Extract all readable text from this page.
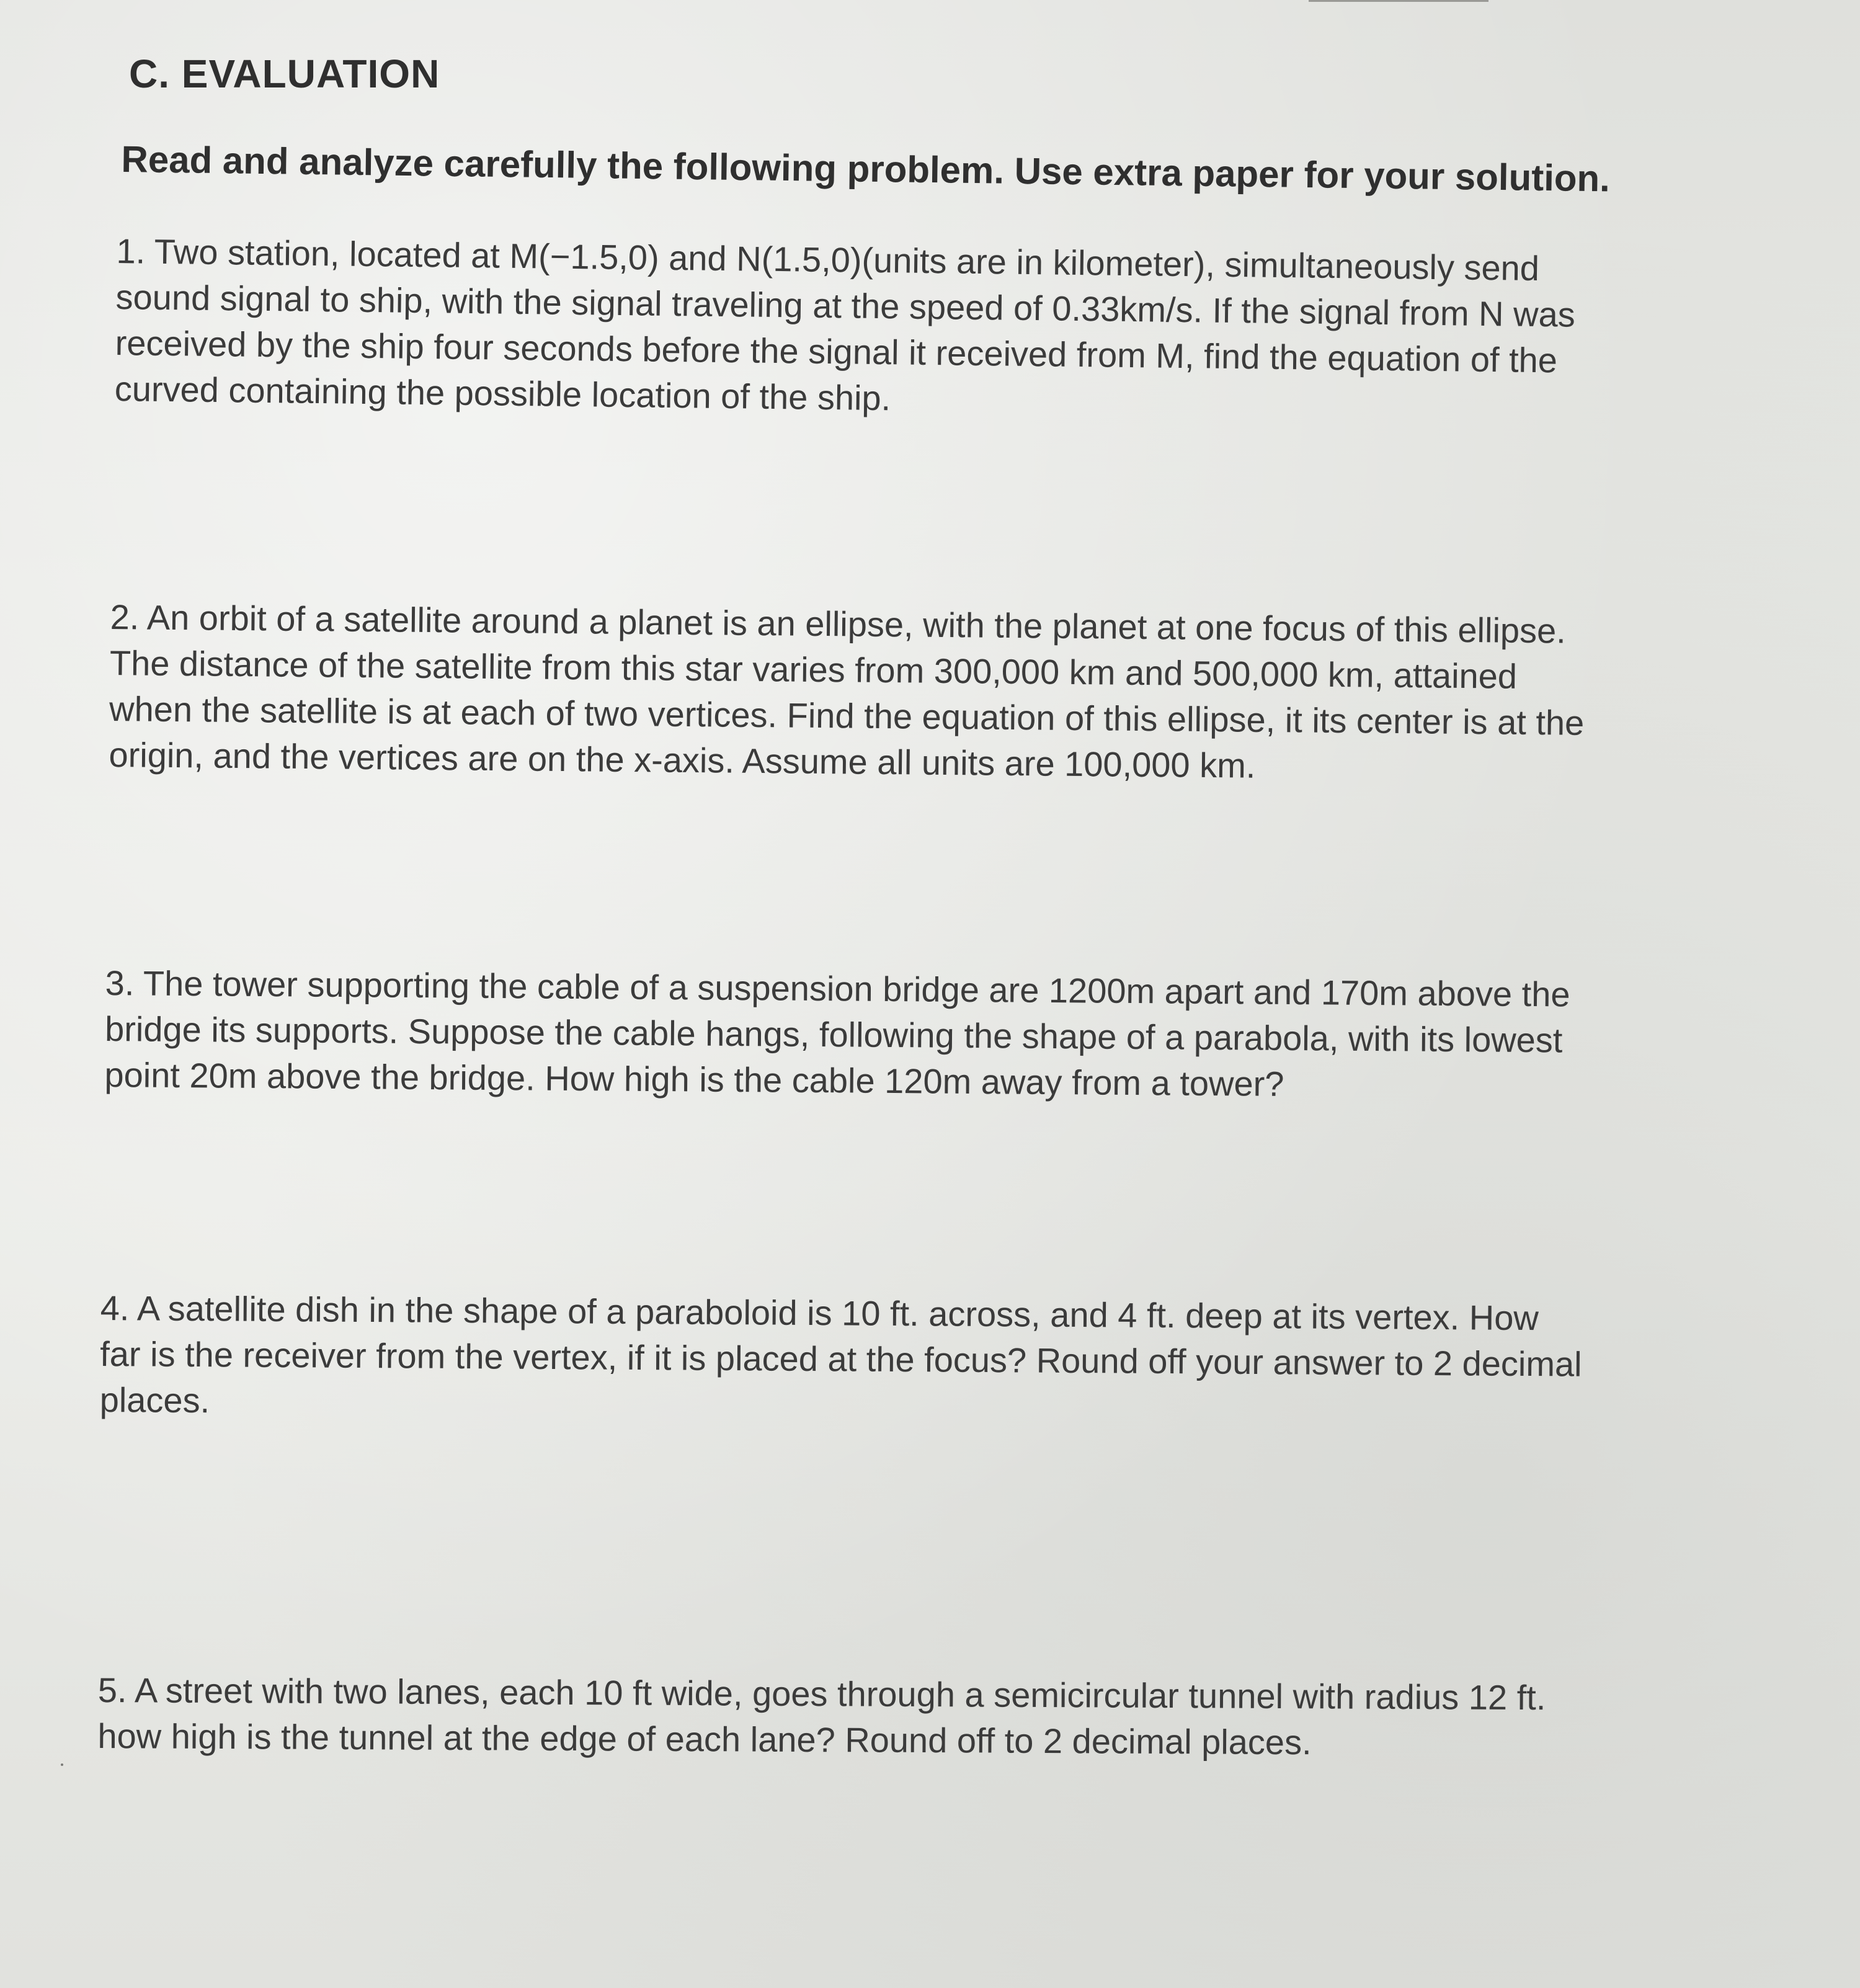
C. EVALUATION
Read and analyze carefully the following problem. Use extra paper for your solution.
1. Two station, located at M(−1.5,0) and N(1.5,0)(units are in kilometer), simultaneously send
sound signal to ship, with the signal traveling at the speed of 0.33km/s. If the signal from N was
received by the ship four seconds before the signal it received from M, find the equation of the
curved containing the possible location of the ship.
2. An orbit of a satellite around a planet is an ellipse, with the planet at one focus of this ellipse.
The distance of the satellite from this star varies from 300,000 km and 500,000 km, attained
when the satellite is at each of two vertices. Find the equation of this ellipse, it its center is at the
origin, and the vertices are on the x-axis. Assume all units are 100,000 km.
3. The tower supporting the cable of a suspension bridge are 1200m apart and 170m above the
bridge its supports. Suppose the cable hangs, following the shape of a parabola, with its lowest
point 20m above the bridge. How high is the cable 120m away from a tower?
4. A satellite dish in the shape of a paraboloid is 10 ft. across, and 4 ft. deep at its vertex. How
far is the receiver from the vertex, if it is placed at the focus? Round off your answer to 2 decimal
places.
5. A street with two lanes, each 10 ft wide, goes through a semicircular tunnel with radius 12 ft.
how high is the tunnel at the edge of each lane? Round off to 2 decimal places.
